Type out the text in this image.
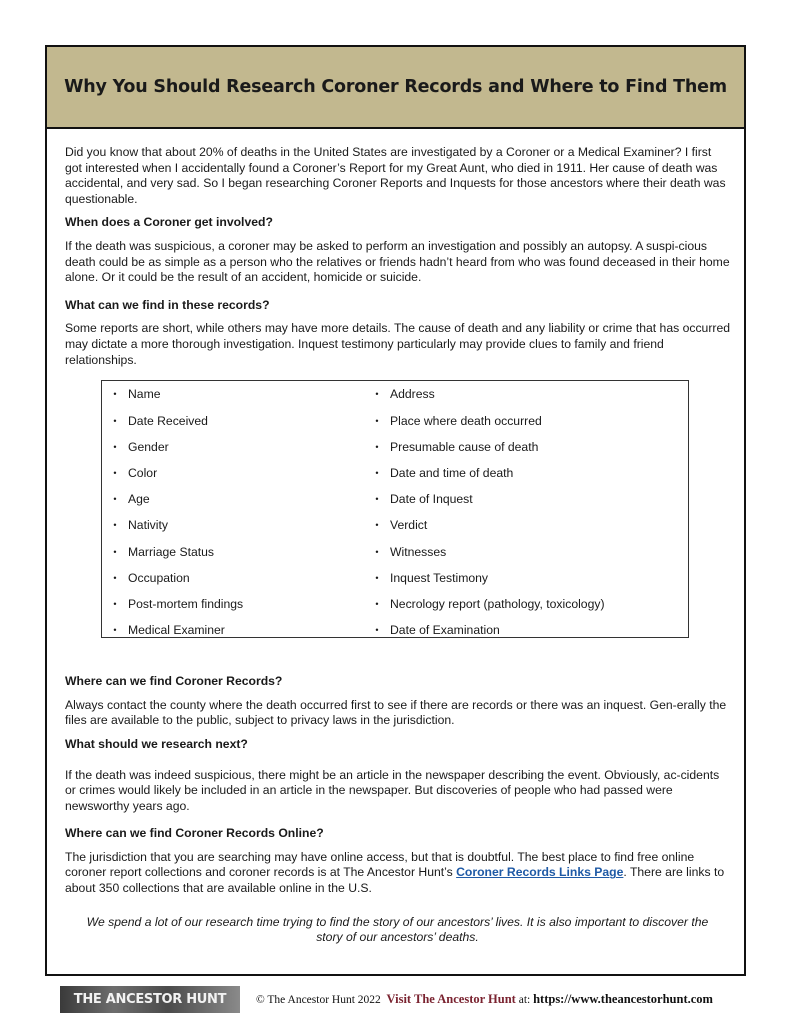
Why You Should Research Coroner Records and Where to Find Them

Did you know that about 20% of deaths in the United States are investigated by a Coroner or a Medical Examiner? I first got interested when I accidentally found a Coroner’s Report for my Great Aunt, who died in 1911. Her cause of death was accidental, and very sad. So I began researching Coroner Reports and Inquests for those ancestors where their death was questionable.

When does a Coroner get involved?

If the death was suspicious, a coroner may be asked to perform an investigation and possibly an autopsy. A suspi-cious death could be as simple as a person who the relatives or friends hadn’t heard from who was found deceased in their home alone. Or it could be the result of an accident, homicide or suicide.

What can we find in these records?

Some reports are short, while others may have more details. The cause of death and any liability or crime that has occurred may dictate a more thorough investigation. Inquest testimony particularly may provide clues to family and friend relationships.

• Name	• Address
• Date Received	• Place where death occurred
• Gender	• Presumable cause of death
• Color	• Date and time of death
• Age	• Date of Inquest
• Nativity	• Verdict
• Marriage Status	• Witnesses
• Occupation	• Inquest Testimony
• Post-mortem findings	• Necrology report (pathology, toxicology)
• Medical Examiner	• Date of Examination

Where can we find Coroner Records?

Always contact the county where the death occurred first to see if there are records or there was an inquest. Gen-erally the files are available to the public, subject to privacy laws in the jurisdiction.

What should we research next?

If the death was indeed suspicious, there might be an article in the newspaper describing the event. Obviously, ac-cidents or crimes would likely be included in an article in the newspaper. But discoveries of people who had passed were newsworthy years ago.

Where can we find Coroner Records Online?

The jurisdiction that you are searching may have online access, but that is doubtful. The best place to find free online coroner report collections and coroner records is at The Ancestor Hunt’s Coroner Records Links Page. There are links to about 350 collections that are available online in the U.S.

We spend a lot of our research time trying to find the story of our ancestors’ lives. It is also important to discover the story of our ancestors’ deaths.

THE ANCESTOR HUNT	© The Ancestor Hunt 2022 Visit The Ancestor Hunt at: https://www.theancestorhunt.com
